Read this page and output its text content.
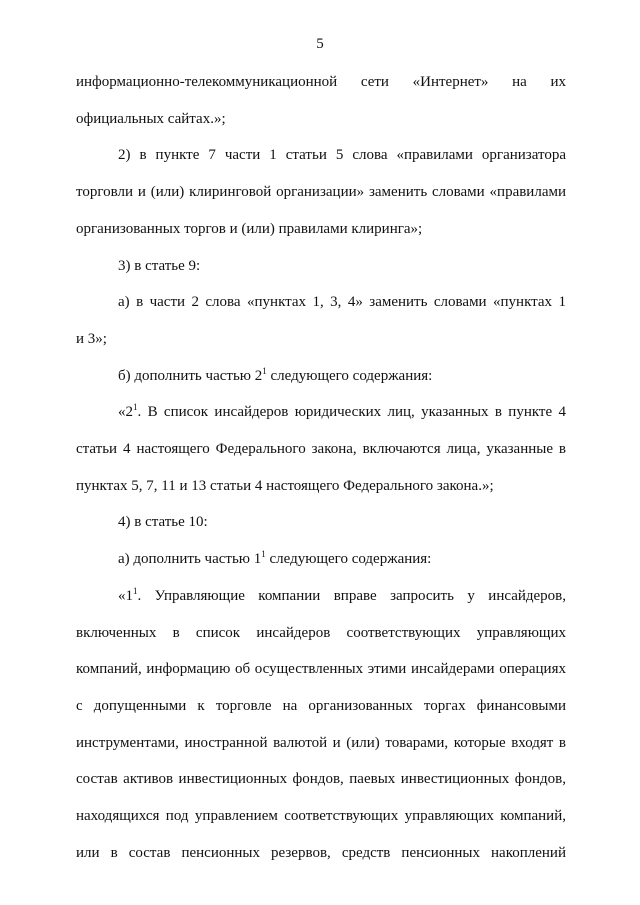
5
информационно-телекоммуникационной сети «Интернет» на их
официальных сайтах.»;
2) в пункте 7 части 1 статьи 5 слова «правилами организатора
торговли и (или) клиринговой организации» заменить словами «правилами
организованных торгов и (или) правилами клиринга»;
3) в статье 9:
а) в части 2 слова «пунктах 1, 3, 4» заменить словами «пунктах 1
и 3»;
б) дополнить частью $2^1$ следующего содержания:
«$2^1$. В список инсайдеров юридических лиц, указанных в пункте 4
статьи 4 настоящего Федерального закона, включаются лица, указанные в
пунктах 5, 7, 11 и 13 статьи 4 настоящего Федерального закона.»;
4) в статье 10:
а) дополнить частью $1^1$ следующего содержания:
«$1^1$. Управляющие компании вправе запросить у инсайдеров,
включенных в список инсайдеров соответствующих управляющих
компаний, информацию об осуществленных этими инсайдерами операциях
с допущенными к торговле на организованных торгах финансовыми
инструментами, иностранной валютой и (или) товарами, которые входят в
состав активов инвестиционных фондов, паевых инвестиционных фондов,
находящихся под управлением соответствующих управляющих компаний,
или в состав пенсионных резервов, средств пенсионных накоплений
